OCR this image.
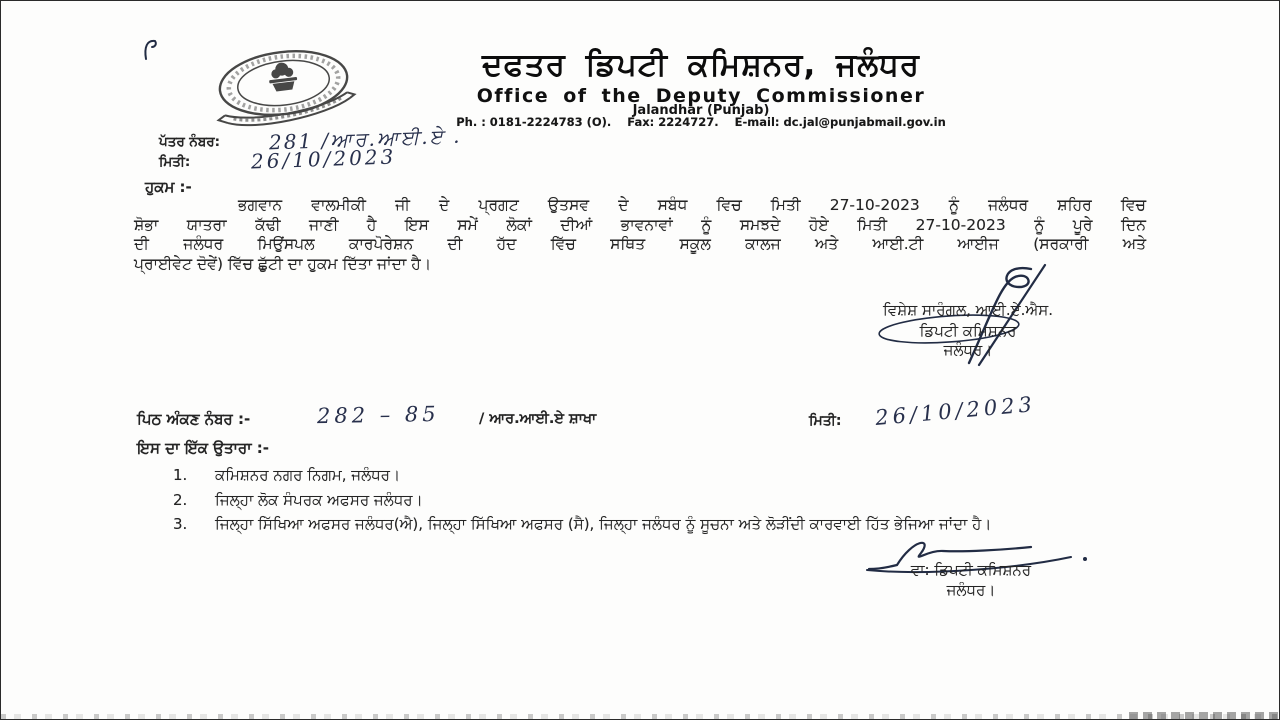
ਦਫਤਰ ਡਿਪਟੀ ਕਮਿਸ਼ਨਰ, ਜਲੰਧਰ
Office of the Deputy Commissioner
Jalandhar (Punjab)
Ph. : 0181-2224783 (O).    Fax: 2224727.    E-mail: dc.jal@punjabmail.gov.in
ਪੱਤਰ ਨੰਬਰ: 281 /ਆਰ.ਆਈ.ਏ .
ਮਿਤੀ:	26/10/2023
ਹੁਕਮ :-
ਭਗਵਾਨ ਵਾਲਮੀਕੀ ਜੀ ਦੇ ਪ੍ਰਗਟ ਉਤਸਵ ਦੇ ਸਬੰਧ ਵਿਚ ਮਿਤੀ 27-10-2023 ਨੂੰ ਜਲੰਧਰ ਸ਼ਹਿਰ ਵਿਚ
ਸ਼ੋਭਾ ਯਾਤਰਾ ਕੱਢੀ ਜਾਣੀ ਹੈ ਇਸ ਸਮੇਂ ਲੋਕਾਂ ਦੀਆਂ ਭਾਵਨਾਵਾਂ ਨੂੰ ਸਮਝਦੇ ਹੋਏ ਮਿਤੀ 27-10-2023 ਨੂੰ ਪੂਰੇ ਦਿਨ
ਦੀ ਜਲੰਧਰ ਮਿਉਂਸਪਲ ਕਾਰਪੋਰੇਸ਼ਨ ਦੀ ਹੱਦ ਵਿੱਚ ਸਥਿਤ ਸਕੂਲ ਕਾਲਜ ਅਤੇ ਆਈ.ਟੀ ਆਈਜ (ਸਰਕਾਰੀ ਅਤੇ
ਪ੍ਰਾਈਵੇਟ ਦੋਵੇਂ) ਵਿੱਚ ਛੁੱਟੀ ਦਾ ਹੁਕਮ ਦਿੱਤਾ ਜਾਂਦਾ ਹੈ।
ਵਿਸ਼ੇਸ਼ ਸਾਰੰਗਲ, ਆਈ.ਏ.ਐਸ.
ਡਿਪਟੀ ਕਮਿਸ਼ਨਰ
ਜਲੰਧਰ।
ਪਿਠ ਅੰਕਣ ਨੰਬਰ :-	282 – 85	/ ਆਰ.ਆਈ.ਏ ਸ਼ਾਖਾ	ਮਿਤੀ: 26/10/2023
ਇਸ ਦਾ ਇੱਕ ਉਤਾਰਾ :-
1.	ਕਮਿਸ਼ਨਰ ਨਗਰ ਨਿਗਮ, ਜਲੰਧਰ।
2.	ਜਿਲ੍ਹਾ ਲੋਕ ਸੰਪਰਕ ਅਫਸਰ ਜਲੰਧਰ।
3.	ਜਿਲ੍ਹਾ ਸਿੱਖਿਆ ਅਫਸਰ ਜਲੰਧਰ(ਐ), ਜਿਲ੍ਹਾ ਸਿੱਖਿਆ ਅਫਸਰ (ਸੈ), ਜਿਲ੍ਹਾ ਜਲੰਧਰ ਨੂੰ ਸੂਚਨਾ ਅਤੇ ਲੋੜੀਂਦੀ ਕਾਰਵਾਈ ਹਿੱਤ ਭੇਜਿਆ ਜਾਂਦਾ ਹੈ।
ਵਾ: ਡਿਪਟੀ ਕਮਿਸ਼ਨਰ
ਜਲੰਧਰ।
